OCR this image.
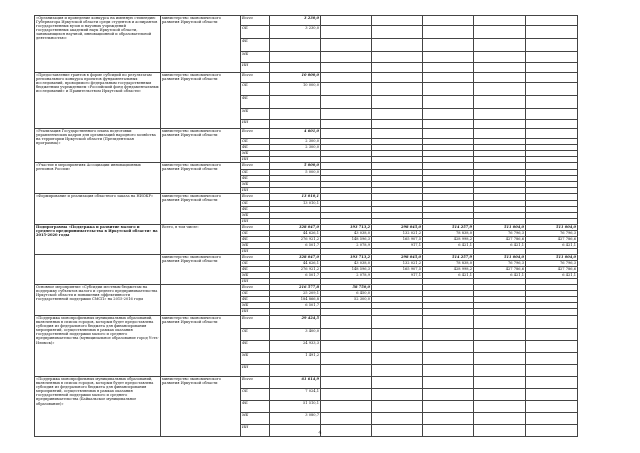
«Организация и проведение конкурса на именную стипендию Губернатора Иркутской области среди студентов и аспирантов государственных вузов и научных учреждений государственных академий наук Иркутской области, занимающихся научной, инновационной и образовательной деятельностью»	министерство экономического развития Иркутской области	Всего	3 230,0					
		ОБ	3 230,0					
		ФБ						
		МБ						
		ИИ						
«Предоставление грантов в форме субсидий по результатам регионального конкурса проектов фундаментальных исследований, проводимого федеральным государственным бюджетным учреждением «Российский фонд фундаментальных исследований» и Правительством Иркутской области»	министерство экономического развития Иркутской области	Всего	10 000,0					
		ОБ	10 000,0					
		ФБ						
		МБ						
		ИИ						
«Реализация Государственного плана подготовки управленческих кадров для организаций народного хозяйства на территории Иркутской области (Президентская программа)»	министерство экономического развития Иркутской области	Всего	4 601,0					
		ОБ	2 300,0					
		ФБ	2 300,0					
		МБ						
		ИИ						
«Участие в мероприятиях Ассоциации инновационных регионов России»	министерство экономического развития Иркутской области	Всего	5 000,0					
		ОБ	5 000,0					
		ФБ						
		МБ						
		ИИ						
«Формирование и реализация областного заказа на НИОКР»	министерство экономического развития Иркутской области	Всего	13 010,1					
		ОБ	13 010,1					
		ФБ						
		МБ						
		ИИ						
Подпрограмма «Поддержка и развитие малого и среднего предпринимательства в Иркутской области» на 2015-2020 годы	Всего, в том числе:	Всего	328 047,0	193 713,2	298 045,0	514 257,9	511 004,0	511 004,0
		ОБ	44 626,1	43 038,0	132 021,2	78 838,0	76 796,3	76 796,3
		ФБ	276 921,2	148 596,3	165 907,5	428 998,2	427 786,6	427 786,6
		МБ	6 501,7	2 078,9	917,1	6 421,1	6 421,1	6 421,1
		ИИ						
	министерство экономического развития Иркутской области	Всего	328 047,0	193 713,2	298 045,0	514 257,9	511 004,0	511 004,0
		ОБ	44 626,1	43 038,0	132 021,2	78 838,0	76 796,3	76 796,3
		ФБ	276 921,2	148 596,3	165 907,5	428 998,2	427 786,6	427 786,6
		МБ	6 501,7	2 078,9	917,1	6 421,1	6 421,1	6 421,1
		ИИ						
Основное мероприятие «Субсидии местным бюджетам на поддержку субъектов малого и среднего предпринимательства Иркутской области и повышения эффективности государственной поддержки СМСП» на 2015-2016 годы		Всего	216 577,8	58 750,0				
		ОБ	25 209,1	6 450,0				
		ФБ	184 866,8	52 300,0				
		МБ	6 501,7					
		ИИ						
«Поддержка монопрофильных муниципальных образований, включенных в список городов, которым будет предоставлена субсидия из федерального бюджета для финансирования мероприятий, осуществляемых в рамках оказания государственной поддержки малого и среднего предпринимательства (муниципальное образование город Усть-Илимск)»	министерство экономического развития Иркутской области	Всего	29 424,5					
		ОБ	3 400,0					
		ФБ	24 933,3					
		МБ	1 491,2					
		ИИ						
«Поддержка монопрофильных муниципальных образований, включенных в список городов, которым будет предоставлена субсидия из федерального бюджета для финансирования мероприятий, осуществляемых в рамках оказания государственной поддержки малого и среднего предпринимательства (Байкальское муниципальное образование)»	министерство экономического развития Иркутской области	Всего	61 614,9					
		ОБ	7 024,1					
		ФБ	51 510,1					
		МБ	3 080,7					
		ИИ						
4
